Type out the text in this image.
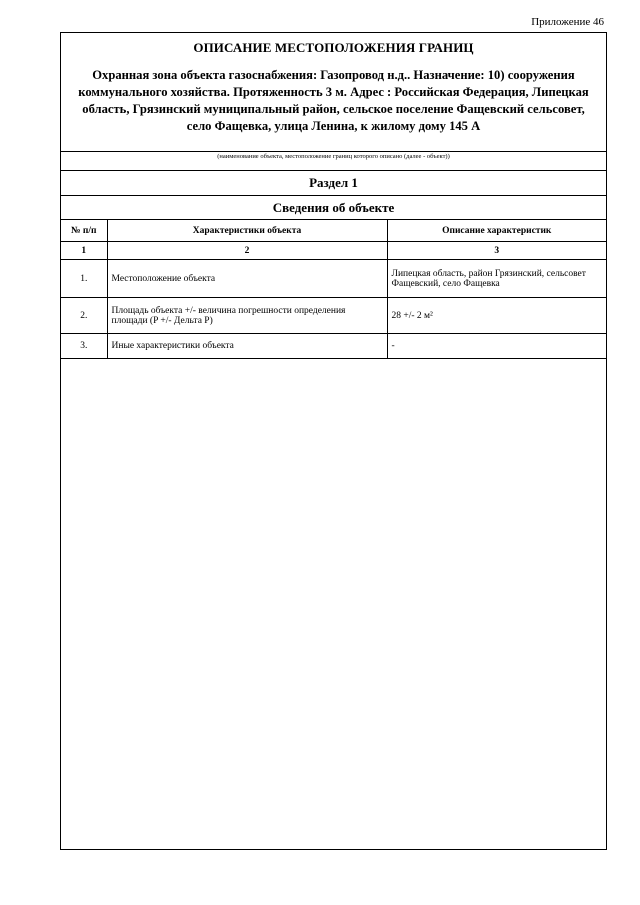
Приложение 46
ОПИСАНИЕ МЕСТОПОЛОЖЕНИЯ ГРАНИЦ
Охранная зона объекта газоснабжения: Газопровод н.д.. Назначение: 10) сооружения коммунального хозяйства. Протяженность 3 м. Адрес : Российская Федерация, Липецкая область, Грязинский муниципальный район, сельское поселение Фащевский сельсовет, село Фащевка, улица Ленина, к жилому дому 145 А
(наименование объекта, местоположение границ которого описано (далее - объект))
Раздел 1
Сведения об объекте
№ п/п	Характеристики объекта	Описание характеристик
1	2	3
1.	Местоположение объекта	Липецкая область, район Грязинский, сельсовет Фащевский, село Фащевка
2.	Площадь объекта +/- величина погрешности определения площади (P +/- Дельта P)	28 +/- 2 м²
3.	Иные характеристики объекта	-
